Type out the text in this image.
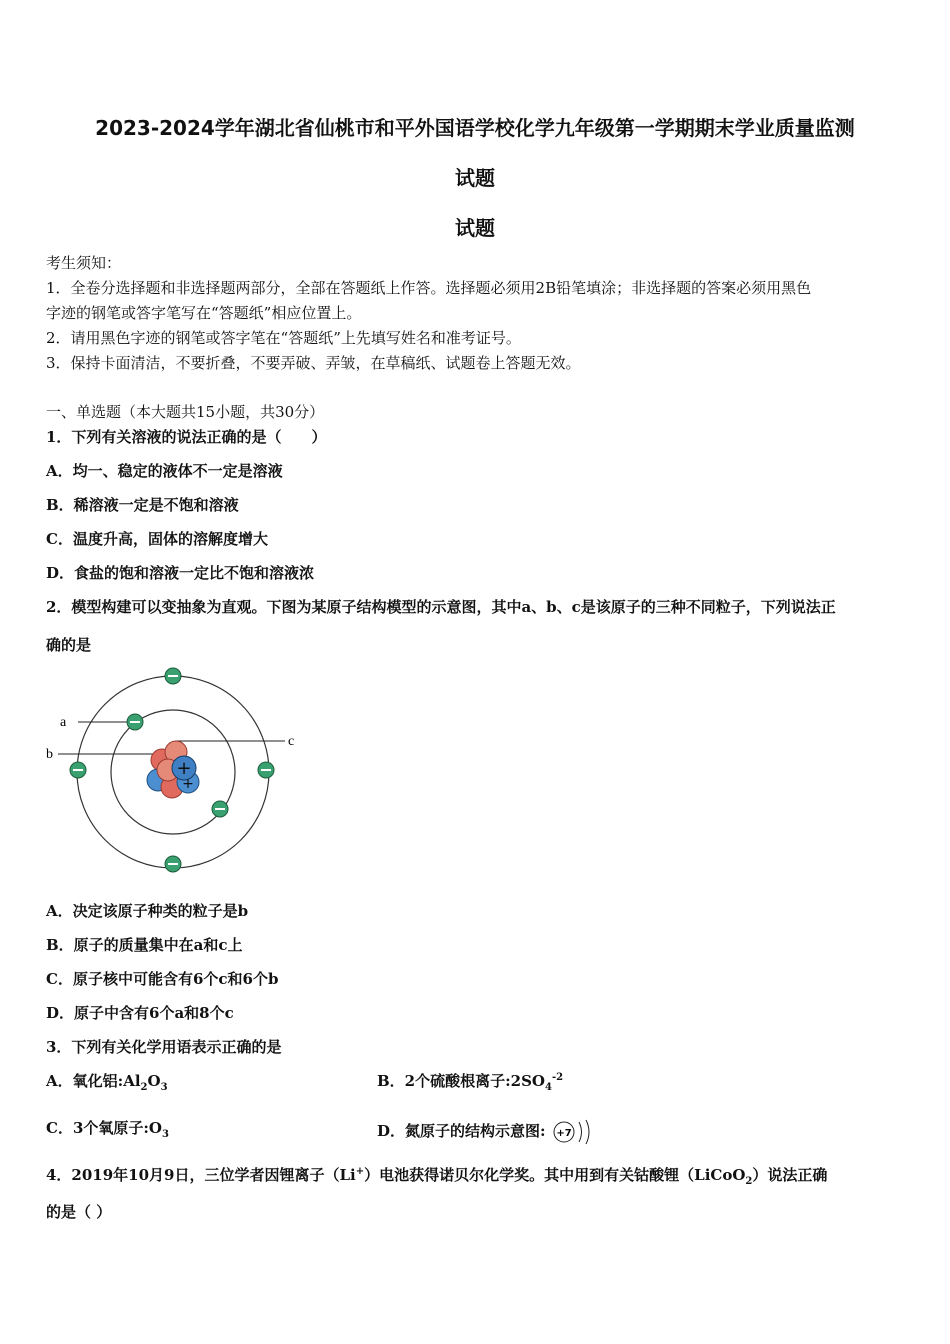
2023-2024学年湖北省仙桃市和平外国语学校化学九年级第一学期期末学业质量监测
试题
试题
考生须知：
1．全卷分选择题和非选择题两部分，全部在答题纸上作答。选择题必须用2B铅笔填涂；非选择题的答案必须用黑色
字迹的钢笔或答字笔写在“答题纸”相应位置上。
2．请用黑色字迹的钢笔或答字笔在“答题纸”上先填写姓名和准考证号。
3．保持卡面清洁，不要折叠，不要弄破、弄皱，在草稿纸、试题卷上答题无效。
一、单选题（本大题共15小题，共30分）
1．下列有关溶液的说法正确的是（　　）
A．均一、稳定的液体不一定是溶液
B．稀溶液一定是不饱和溶液
C．温度升高，固体的溶解度增大
D．食盐的饱和溶液一定比不饱和溶液浓
2．模型构建可以变抽象为直观。下图为某原子结构模型的示意图，其中a、b、c是该原子的三种不同粒子，下列说法正
确的是
a
b
c
+
+
A．决定该原子种类的粒子是b
B．原子的质量集中在a和c上
C．原子核中可能含有6个c和6个b
D．原子中含有6个a和8个c
3．下列有关化学用语表示正确的是
A．氧化铝$:Al_2O_3$	B．2个硫酸根离子$:2SO_4^{-2}$
C．3个氧原子$:O_3$	D．氮原子的结构示意图: +7
4．2019年10月9日，三位学者因锂离子（Li+）电池获得诺贝尔化学奖。其中用到有关钴酸锂（LiCoO$_2$）说法正确
的是（ ）
